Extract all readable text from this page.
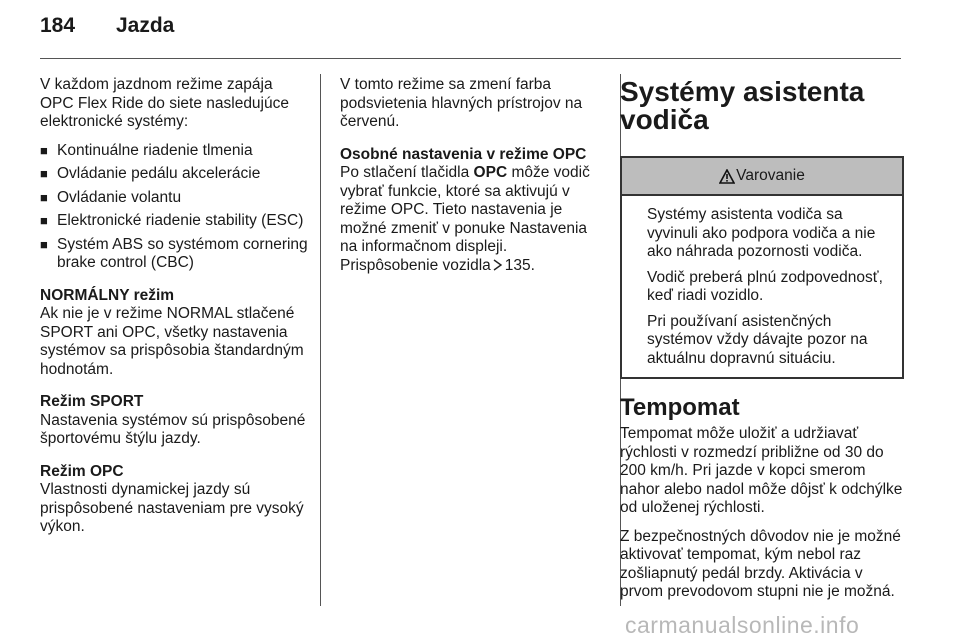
184 Jazda

V každom jazdnom režime zapája OPC Flex Ride do siete nasledujúce elektronické systémy:

■ Kontinuálne riadenie tlmenia
■ Ovládanie pedálu akcelerácie
■ Ovládanie volantu
■ Elektronické riadenie stability (ESC)
■ Systém ABS so systémom cornering brake control (CBC)

NORMÁLNY režim
Ak nie je v režime NORMAL stlačené SPORT ani OPC, všetky nastavenia systémov sa prispôsobia štandardným hodnotám.

Režim SPORT
Nastavenia systémov sú prispôsobené športovému štýlu jazdy.

Režim OPC
Vlastnosti dynamickej jazdy sú prispôsobené nastaveniam pre vysoký výkon.

V tomto režime sa zmení farba podsvietenia hlavných prístrojov na červenú.

Osobné nastavenia v režime OPC
Po stlačení tlačidla OPC môže vodič vybrať funkcie, ktoré sa aktivujú v režime OPC. Tieto nastavenia je možné zmeniť v ponuke Nastavenia na informačnom displeji.
Prispôsobenie vozidla 135.

Systémy asistenta vodiča
Varovanie

Systémy asistenta vodiča sa vyvinuli ako podpora vodiča a nie ako náhrada pozornosti vodiča.

Vodič preberá plnú zodpovednosť, keď riadi vozidlo.

Pri používaní asistenčných systémov vždy dávajte pozor na aktuálnu dopravnú situáciu.

Tempomat

Tempomat môže uložiť a udržiavať rýchlosti v rozmedzí približne od 30 do 200 km/h. Pri jazde v kopci smerom nahor alebo nadol môže dôjsť k odchýlke od uloženej rýchlosti.

Z bezpečnostných dôvodov nie je možné aktivovať tempomat, kým nebol raz zošliapnutý pedál brzdy. Aktivácia v prvom prevodovom stupni nie je možná.

carmanualsonline.info
